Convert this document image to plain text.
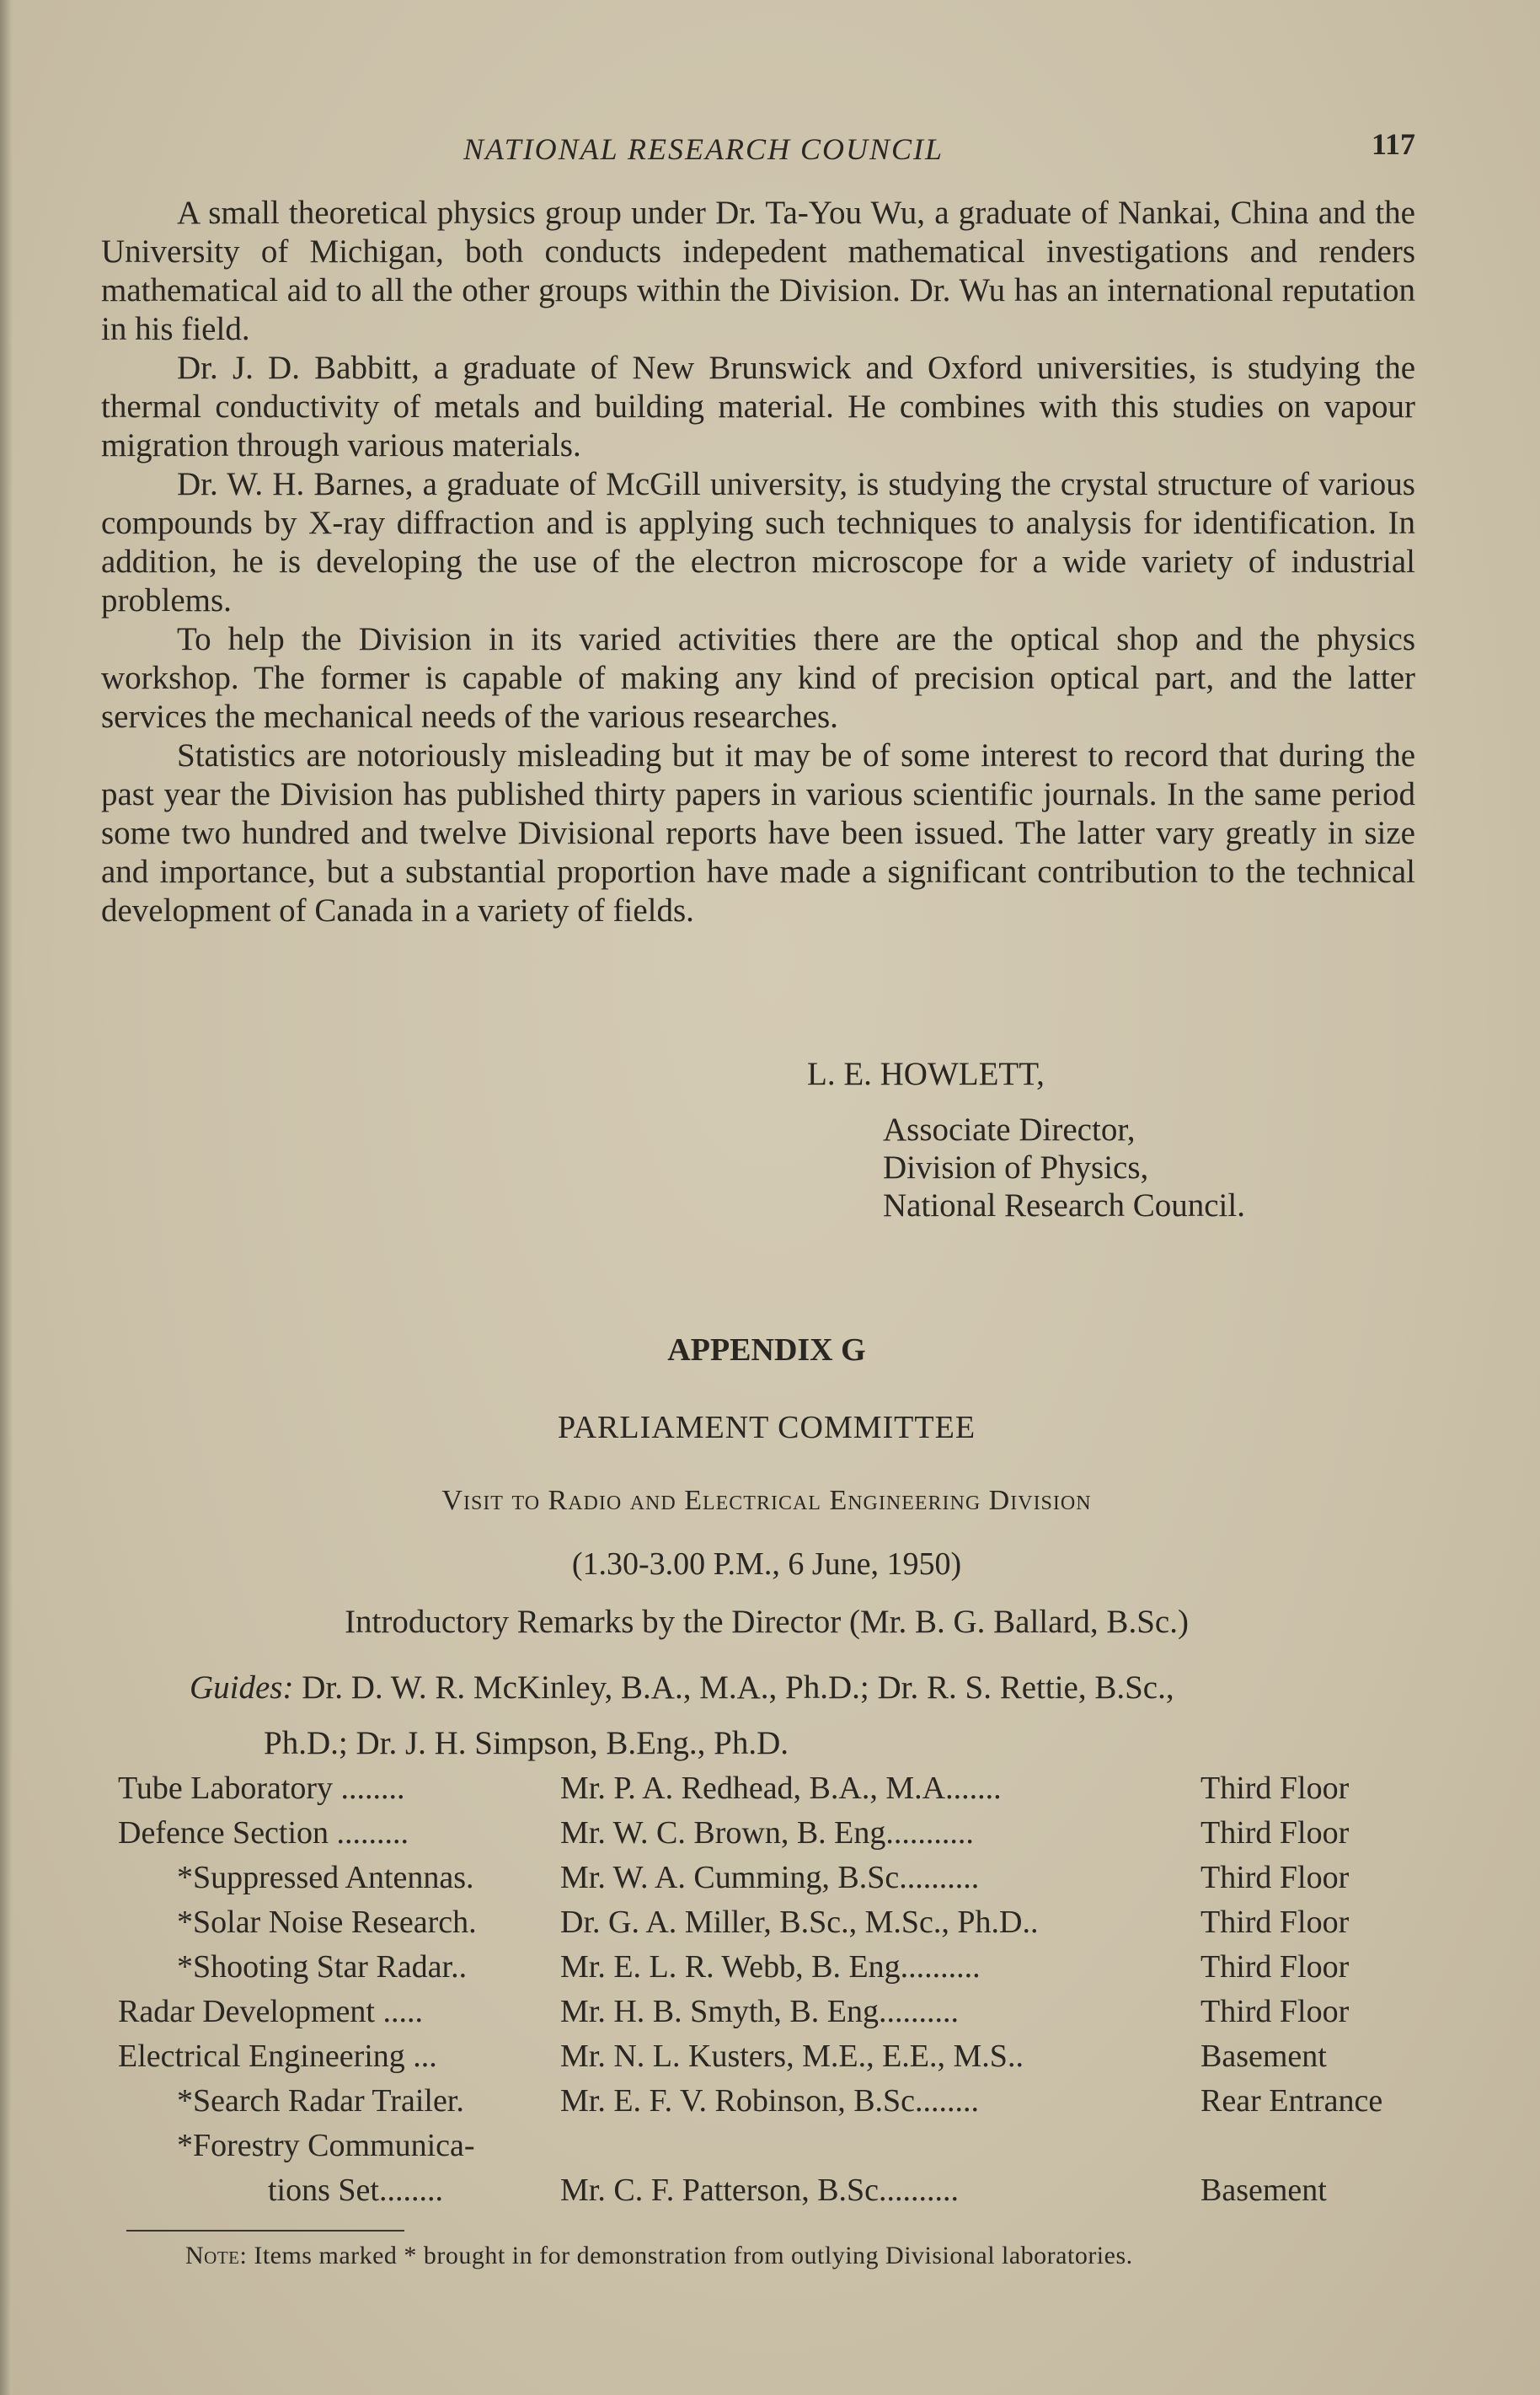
NATIONAL RESEARCH COUNCIL	117

A small theoretical physics group under Dr. Ta-You Wu, a graduate of Nankai, China and the University of Michigan, both conducts indepedent mathematical investigations and renders mathematical aid to all the other groups within the Division. Dr. Wu has an international reputation in his field.

Dr. J. D. Babbitt, a graduate of New Brunswick and Oxford universities, is studying the thermal conductivity of metals and building material. He combines with this studies on vapour migration through various materials.

Dr. W. H. Barnes, a graduate of McGill university, is studying the crystal structure of various compounds by X-ray diffraction and is applying such techniques to analysis for identification. In addition, he is developing the use of the electron microscope for a wide variety of industrial problems.

To help the Division in its varied activities there are the optical shop and the physics workshop. The former is capable of making any kind of precision optical part, and the latter services the mechanical needs of the various researches.

Statistics are notoriously misleading but it may be of some interest to record that during the past year the Division has published thirty papers in various scientific journals. In the same period some two hundred and twelve Divisional reports have been issued. The latter vary greatly in size and importance, but a substantial proportion have made a significant contribution to the technical development of Canada in a variety of fields.

L. E. HOWLETT,
Associate Director,
Division of Physics,
National Research Council.
APPENDIX G
PARLIAMENT COMMITTEE
Visit to Radio and Electrical Engineering Division
(1.30-3.00 P.M., 6 June, 1950)
Introductory Remarks by the Director (Mr. B. G. Ballard, B.Sc.)
Guides: Dr. D. W. R. McKinley, B.A., M.A., Ph.D.; Dr. R. S. Rettie, B.Sc.,
Ph.D.; Dr. J. H. Simpson, B.Eng., Ph.D.
Tube Laboratory ........	Mr. P. A. Redhead, B.A., M.A.......	Third Floor
Defence Section .........	Mr. W. C. Brown, B. Eng...........	Third Floor
*Suppressed Antennas.	Mr. W. A. Cumming, B.Sc..........	Third Floor
*Solar Noise Research.	Dr. G. A. Miller, B.Sc., M.Sc., Ph.D..	Third Floor
*Shooting Star Radar..	Mr. E. L. R. Webb, B. Eng..........	Third Floor
Radar Development .....	Mr. H. B. Smyth, B. Eng..........	Third Floor
Electrical Engineering ...	Mr. N. L. Kusters, M.E., E.E., M.S..	Basement
*Search Radar Trailer.	Mr. E. F. V. Robinson, B.Sc........	Rear Entrance
*Forestry Communica-
tions Set........	Mr. C. F. Patterson, B.Sc..........	Basement
Note: Items marked * brought in for demonstration from outlying Divisional laboratories.
